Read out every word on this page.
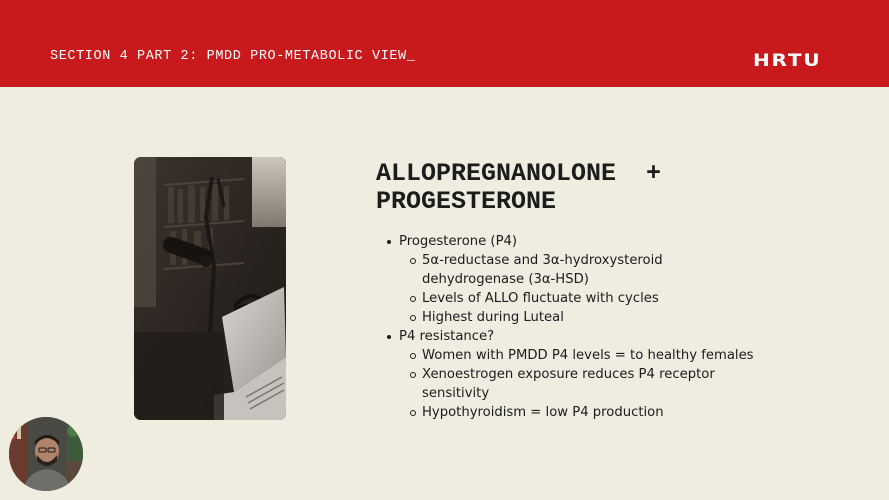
SECTION 4 PART 2: PMDD PRO-METABOLIC VIEW_	HRTU
ALLOPREGNANOLONE  +
PROGESTERONE
Progesterone (P4)
5α-reductase and 3α-hydroxysteroid
dehydrogenase (3α-HSD)
Levels of ALLO fluctuate with cycles
Highest during Luteal
P4 resistance?
Women with PMDD P4 levels = to healthy females
Xenoestrogen exposure reduces P4 receptor
sensitivity
Hypothyroidism = low P4 production
